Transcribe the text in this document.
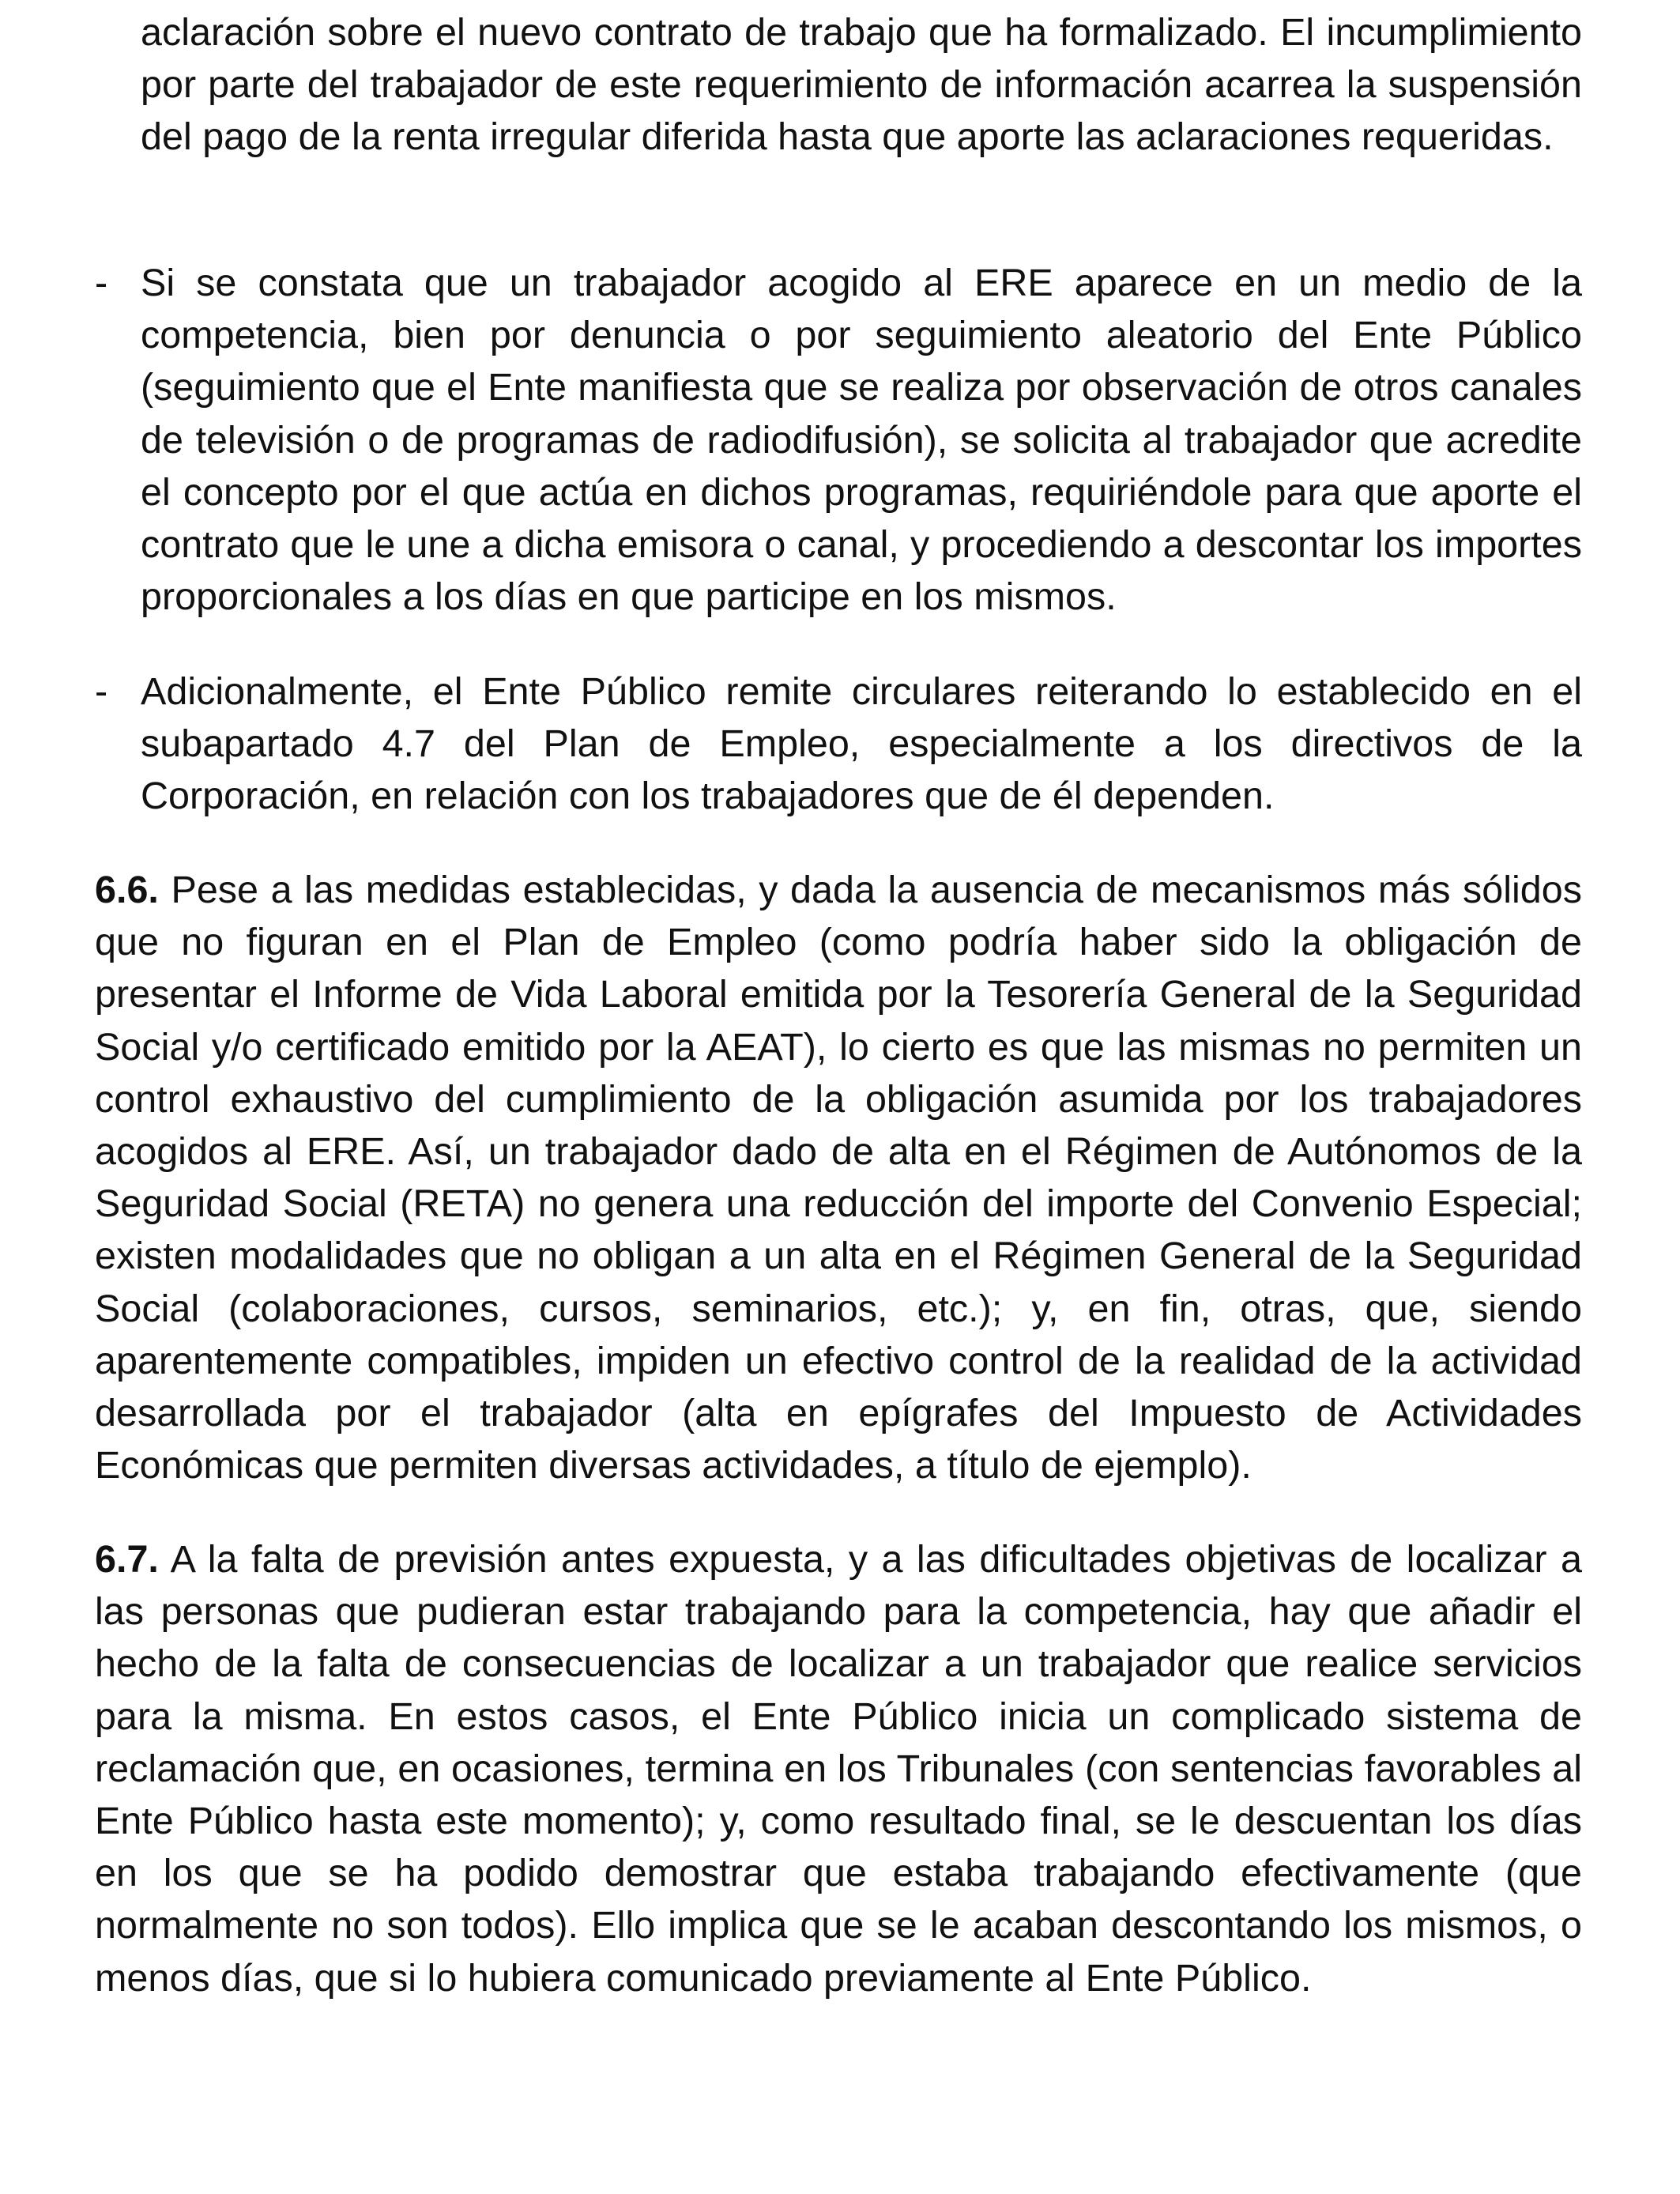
aclaración sobre el nuevo contrato de trabajo que ha formalizado. El incumplimiento por parte del trabajador de este requerimiento de información acarrea la suspensión del pago de la renta irregular diferida hasta que aporte las aclaraciones requeridas.

- Si se constata que un trabajador acogido al ERE aparece en un medio de la competencia, bien por denuncia o por seguimiento aleatorio del Ente Público (seguimiento que el Ente manifiesta que se realiza por observación de otros canales de televisión o de programas de radiodifusión), se solicita al trabajador que acredite el concepto por el que actúa en dichos programas, requiriéndole para que aporte el contrato que le une a dicha emisora o canal, y procediendo a descontar los importes proporcionales a los días en que participe en los mismos.

- Adicionalmente, el Ente Público remite circulares reiterando lo establecido en el subapartado 4.7 del Plan de Empleo, especialmente a los directivos de la Corporación, en relación con los trabajadores que de él dependen.

6.6. Pese a las medidas establecidas, y dada la ausencia de mecanismos más sólidos que no figuran en el Plan de Empleo (como podría haber sido la obligación de presentar el Informe de Vida Laboral emitida por la Tesorería General de la Seguridad Social y/o certificado emitido por la AEAT), lo cierto es que las mismas no permiten un control exhaustivo del cumplimiento de la obligación asumida por los trabajadores acogidos al ERE. Así, un trabajador dado de alta en el Régimen de Autónomos de la Seguridad Social (RETA) no genera una reducción del importe del Convenio Especial; existen modalidades que no obligan a un alta en el Régimen General de la Seguridad Social (colaboraciones, cursos, seminarios, etc.); y, en fin, otras, que, siendo aparentemente compatibles, impiden un efectivo control de la realidad de la actividad desarrollada por el trabajador (alta en epígrafes del Impuesto de Actividades Económicas que permiten diversas actividades, a título de ejemplo).

6.7. A la falta de previsión antes expuesta, y a las dificultades objetivas de localizar a las personas que pudieran estar trabajando para la competencia, hay que añadir el hecho de la falta de consecuencias de localizar a un trabajador que realice servicios para la misma. En estos casos, el Ente Público inicia un complicado sistema de reclamación que, en ocasiones, termina en los Tribunales (con sentencias favorables al Ente Público hasta este momento); y, como resultado final, se le descuentan los días en los que se ha podido demostrar que estaba trabajando efectivamente (que normalmente no son todos). Ello implica que se le acaban descontando los mismos, o menos días, que si lo hubiera comunicado previamente al Ente Público.
